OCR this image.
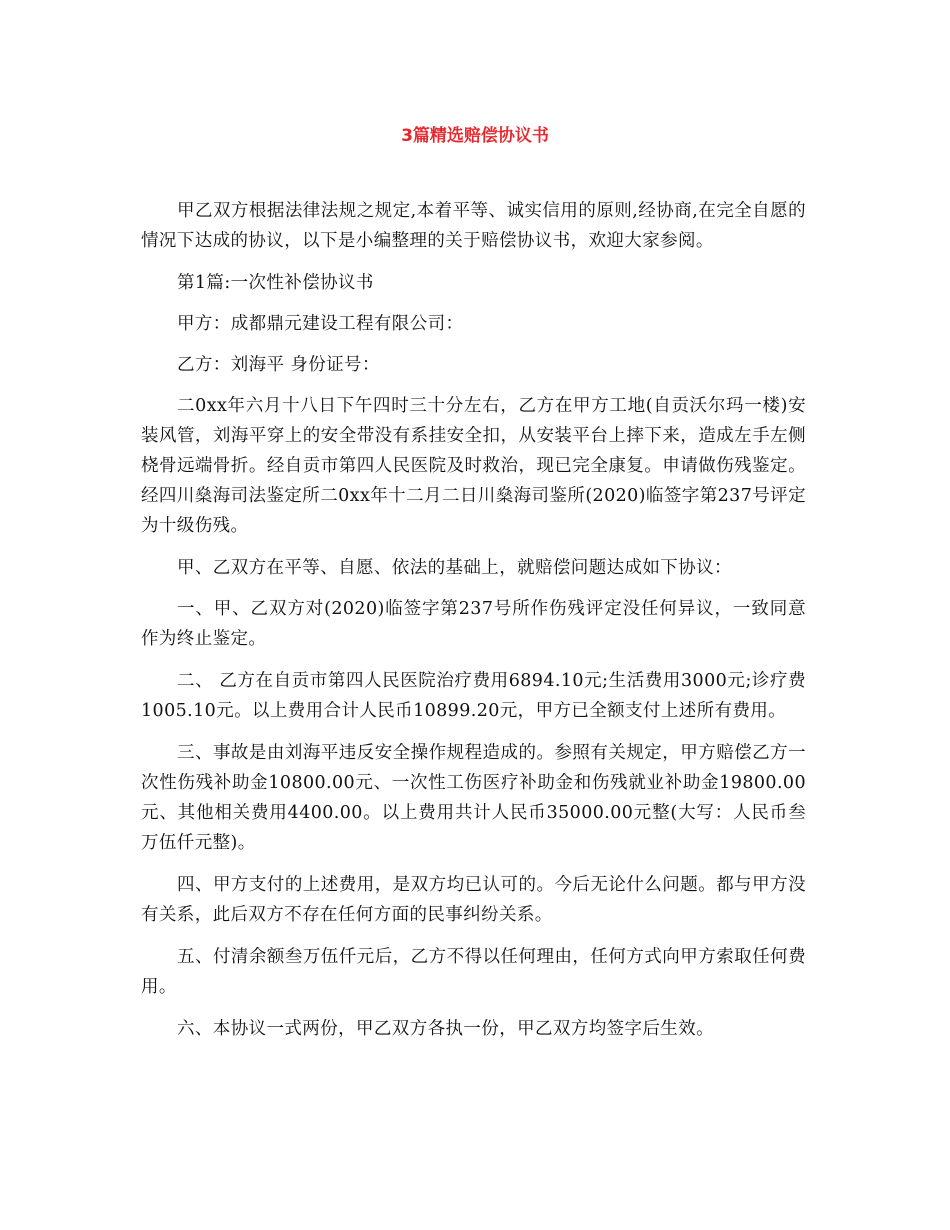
3篇精选赔偿协议书

甲乙双方根据法律法规之规定,本着平等、诚实信用的原则,经协商,在完全自愿的情况下达成的协议，以下是小编整理的关于赔偿协议书，欢迎大家参阅。

第1篇:一次性补偿协议书

甲方：成都鼎元建设工程有限公司：

乙方：刘海平 身份证号：

二0xx年六月十八日下午四时三十分左右，乙方在甲方工地(自贡沃尔玛一楼)安装风管，刘海平穿上的安全带没有系挂安全扣，从安装平台上摔下来，造成左手左侧桡骨远端骨折。经自贡市第四人民医院及时救治，现已完全康复。申请做伤残鉴定。经四川燊海司法鉴定所二0xx年十二月二日川燊海司鉴所(2020)临签字第237号评定为十级伤残。

甲、乙双方在平等、自愿、依法的基础上，就赔偿问题达成如下协议：

一、甲、乙双方对(2020)临签字第237号所作伤残评定没任何异议，一致同意作为终止鉴定。

二、 乙方在自贡市第四人民医院治疗费用6894.10元;生活费用3000元;诊疗费1005.10元。以上费用合计人民币10899.20元，甲方已全额支付上述所有费用。

三、事故是由刘海平违反安全操作规程造成的。参照有关规定，甲方赔偿乙方一次性伤残补助金10800.00元、一次性工伤医疗补助金和伤残就业补助金19800.00元、其他相关费用4400.00。以上费用共计人民币35000.00元整(大写：人民币叁万伍仟元整)。

四、甲方支付的上述费用，是双方均已认可的。今后无论什么问题。都与甲方没有关系，此后双方不存在任何方面的民事纠纷关系。

五、付清余额叁万伍仟元后，乙方不得以任何理由，任何方式向甲方索取任何费用。

六、本协议一式两份，甲乙双方各执一份，甲乙双方均签字后生效。
